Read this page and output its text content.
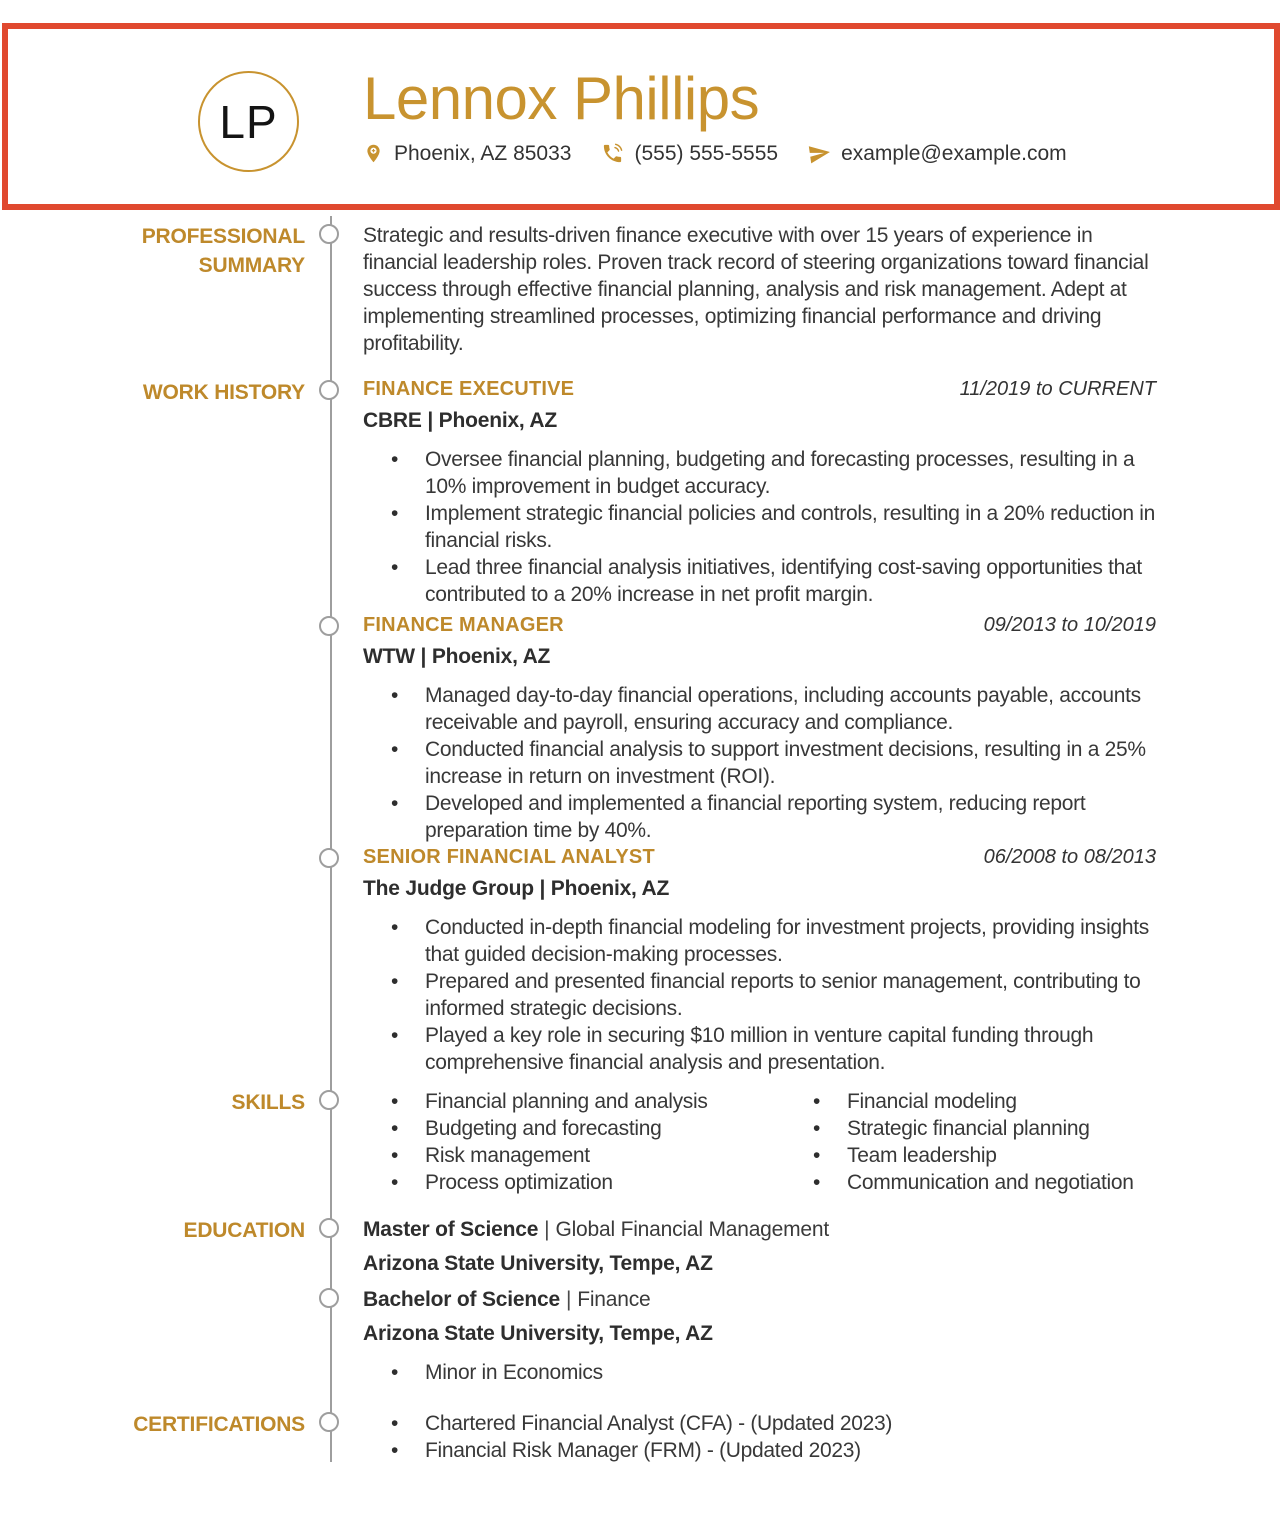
LP Lennox Phillips
Phoenix, AZ 85033	(555) 555-5555	example@example.com
PROFESSIONAL SUMMARY

Strategic and results-driven finance executive with over 15 years of experience in financial leadership roles. Proven track record of steering organizations toward financial success through effective financial planning, analysis and risk management. Adept at implementing streamlined processes, optimizing financial performance and driving profitability.

WORK HISTORY	FINANCE EXECUTIVE	11/2019 to CURRENT
CBRE | Phoenix, AZ
• Oversee financial planning, budgeting and forecasting processes, resulting in a 10% improvement in budget accuracy.
• Implement strategic financial policies and controls, resulting in a 20% reduction in financial risks.
• Lead three financial analysis initiatives, identifying cost-saving opportunities that contributed to a 20% increase in net profit margin.
FINANCE MANAGER	09/2013 to 10/2019
WTW | Phoenix, AZ
• Managed day-to-day financial operations, including accounts payable, accounts receivable and payroll, ensuring accuracy and compliance.
• Conducted financial analysis to support investment decisions, resulting in a 25% increase in return on investment (ROI).
• Developed and implemented a financial reporting system, reducing report preparation time by 40%.
SENIOR FINANCIAL ANALYST	06/2008 to 08/2013
The Judge Group | Phoenix, AZ
• Conducted in-depth financial modeling for investment projects, providing insights that guided decision-making processes.
• Prepared and presented financial reports to senior management, contributing to informed strategic decisions.
• Played a key role in securing $10 million in venture capital funding through comprehensive financial analysis and presentation.
SKILLS	• Financial planning and analysis
• Budgeting and forecasting
• Risk management
• Process optimization
• Financial modeling
• Strategic financial planning
• Team leadership
• Communication and negotiation
EDUCATION	Master of Science | Global Financial Management
Arizona State University, Tempe, AZ
Bachelor of Science | Finance
Arizona State University, Tempe, AZ
• Minor in Economics
CERTIFICATIONS	• Chartered Financial Analyst (CFA) - (Updated 2023)
• Financial Risk Manager (FRM) - (Updated 2023)
